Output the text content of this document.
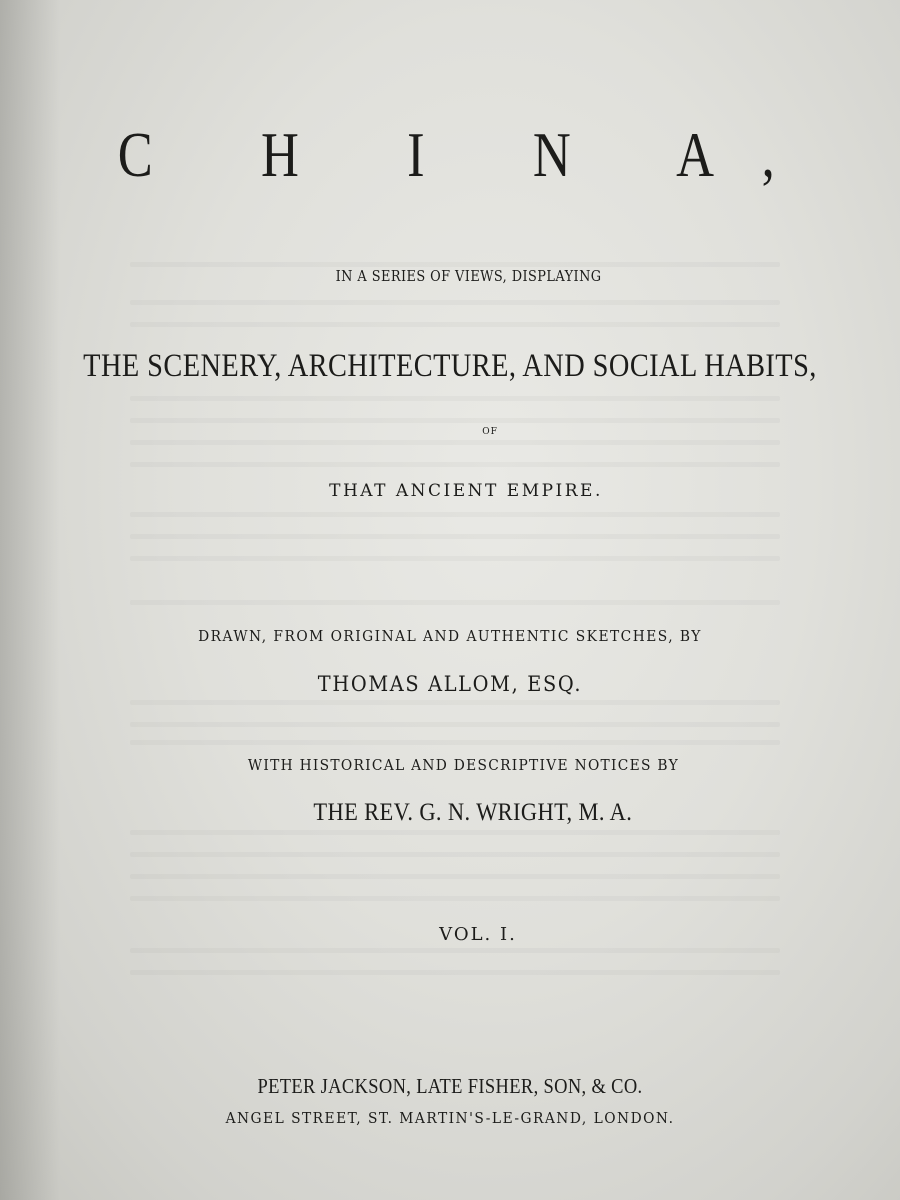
C H I N A,
IN A SERIES OF VIEWS, DISPLAYING
THE SCENERY, ARCHITECTURE, AND SOCIAL HABITS,
OF
THAT ANCIENT EMPIRE.
DRAWN, FROM ORIGINAL AND AUTHENTIC SKETCHES, BY
THOMAS ALLOM, ESQ.
WITH HISTORICAL AND DESCRIPTIVE NOTICES BY
THE REV. G. N. WRIGHT, M. A.
VOL. I.
PETER JACKSON, LATE FISHER, SON, & CO.
ANGEL STREET, ST. MARTIN'S-LE-GRAND, LONDON.
